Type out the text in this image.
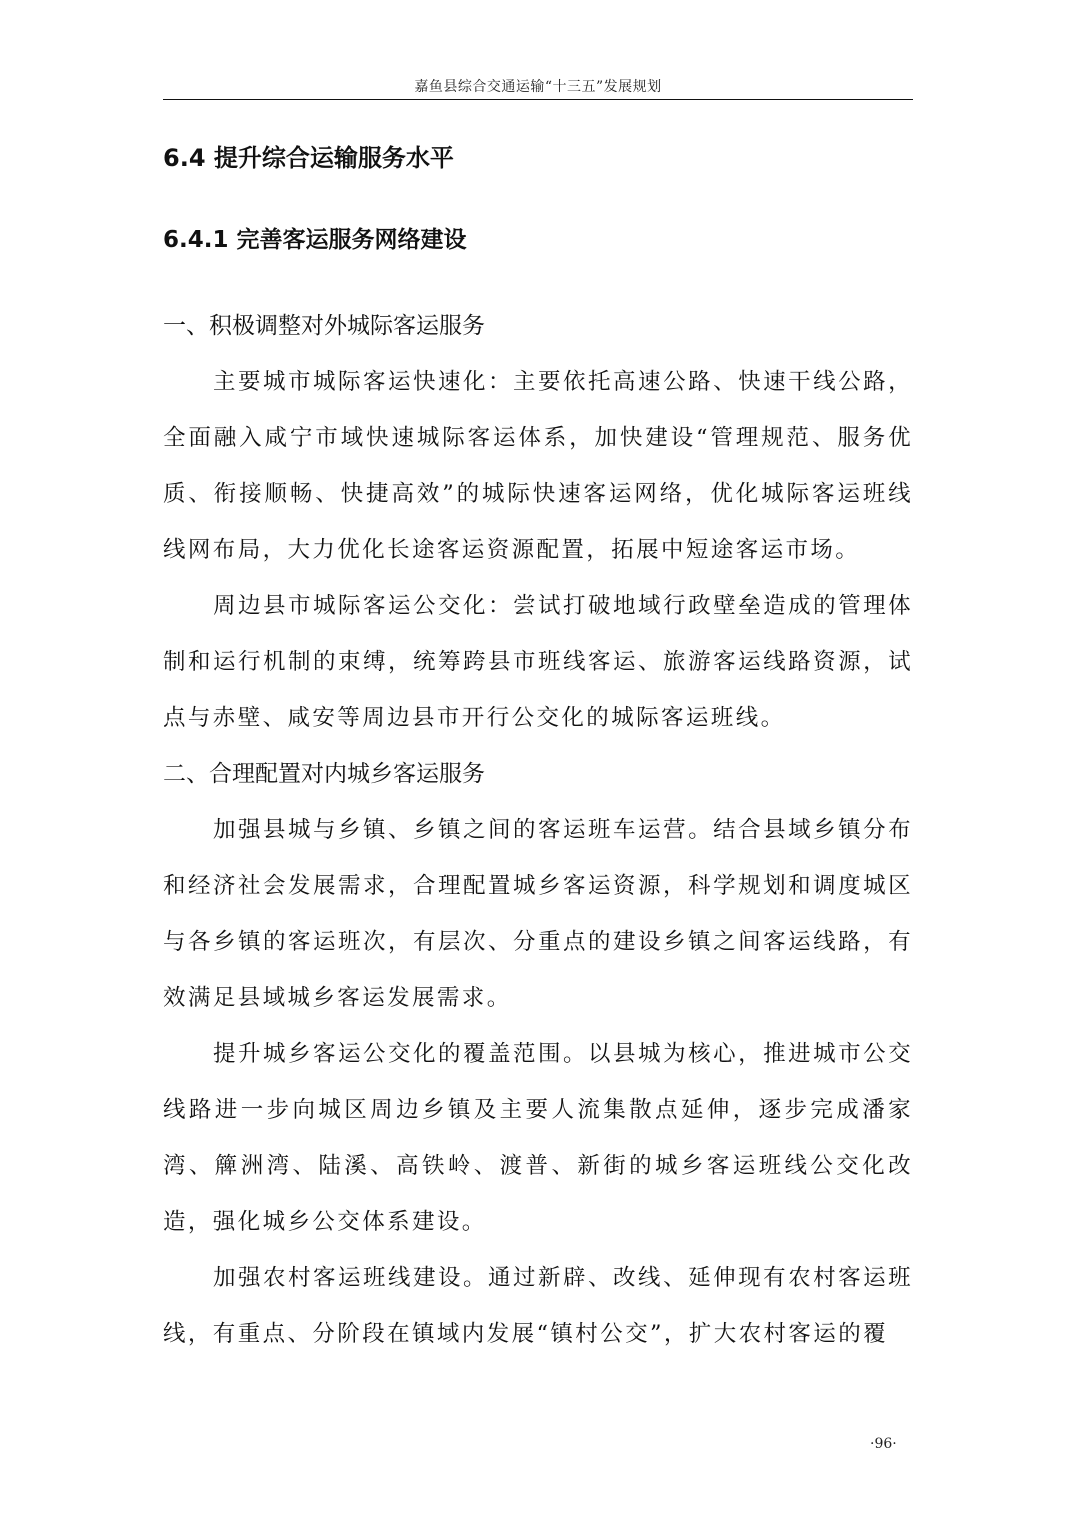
嘉鱼县综合交通运输“十三五”发展规划
6.4 提升综合运输服务水平
6.4.1 完善客运服务网络建设
一、积极调整对外城际客运服务

主要城市城际客运快速化：主要依托高速公路、快速干线公路，全面融入咸宁市域快速城际客运体系，加快建设“管理规范、服务优质、衔接顺畅、快捷高效”的城际快速客运网络，优化城际客运班线线网布局，大力优化长途客运资源配置，拓展中短途客运市场。

周边县市城际客运公交化：尝试打破地域行政壁垒造成的管理体制和运行机制的束缚，统筹跨县市班线客运、旅游客运线路资源，试点与赤壁、咸安等周边县市开行公交化的城际客运班线。

二、合理配置对内城乡客运服务

加强县城与乡镇、乡镇之间的客运班车运营。结合县域乡镇分布和经济社会发展需求，合理配置城乡客运资源，科学规划和调度城区与各乡镇的客运班次，有层次、分重点的建设乡镇之间客运线路，有效满足县域城乡客运发展需求。

提升城乡客运公交化的覆盖范围。以县城为核心，推进城市公交线路进一步向城区周边乡镇及主要人流集散点延伸，逐步完成潘家湾、簰洲湾、陆溪、高铁岭、渡普、新街的城乡客运班线公交化改造，强化城乡公交体系建设。

加强农村客运班线建设。通过新辟、改线、延伸现有农村客运班线，有重点、分阶段在镇域内发展“镇村公交”，扩大农村客运的覆

·96·
